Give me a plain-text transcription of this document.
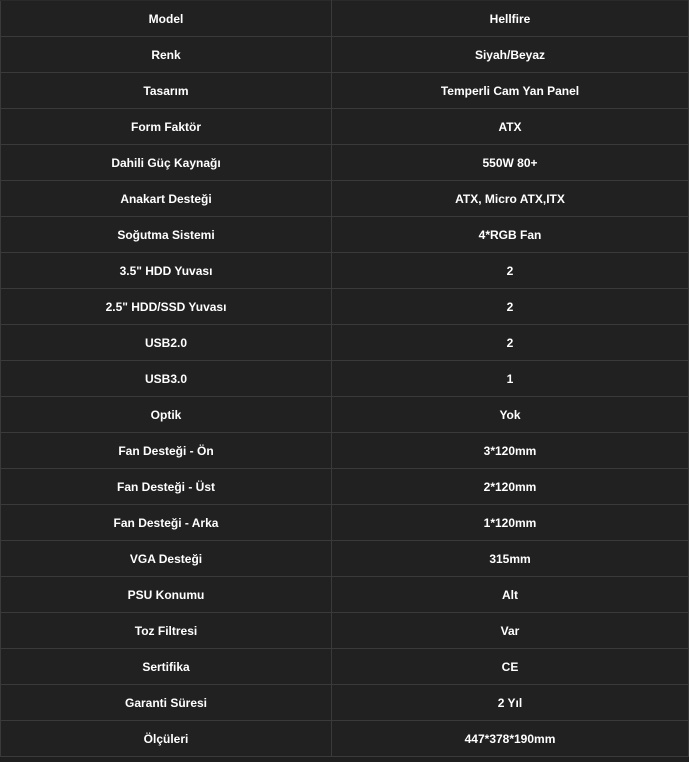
Model	Hellfire
Renk	Siyah/Beyaz
Tasarım	Temperli Cam Yan Panel
Form Faktör	ATX
Dahili Güç Kaynağı	550W 80+
Anakart Desteği	ATX, Micro ATX,ITX
Soğutma Sistemi	4*RGB Fan
3.5" HDD Yuvası	2
2.5" HDD/SSD Yuvası	2
USB2.0	2
USB3.0	1
Optik	Yok
Fan Desteği - Ön	3*120mm
Fan Desteği - Üst	2*120mm
Fan Desteği - Arka	1*120mm
VGA Desteği	315mm
PSU Konumu	Alt
Toz Filtresi	Var
Sertifika	CE
Garanti Süresi	2 Yıl
Ölçüleri	447*378*190mm
